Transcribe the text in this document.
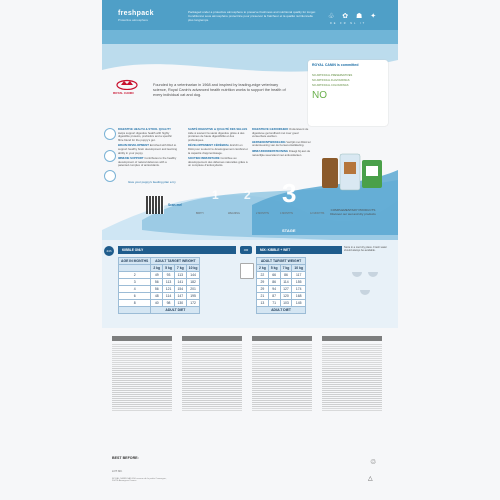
freshpack
Protective atmosphere
Packaged under a protective atmosphere to preserve freshness and nutritional quality for longer. Conditionné sous atmosphère protectrice pour préserver la fraîcheur et la qualité nutritionnelle plus longtemps.	♧ ✿ ☗ ✦
DE FR NL IT
ROYAL CANIN
Founded by a veterinarian in 1968 and inspired by leading-edge veterinary science, Royal Canin's advanced health nutrition works to support the health of every individual cat and dog.
ROYAL CANIN is committed
NO ARTIFICIAL PRESERVATIVES
NO ARTIFICIAL FLAVOURINGS
NO ARTIFICIAL COLOURINGS
NO
DIGESTIVE HEALTH & STOOL QUALITY Helps support digestive health with highly digestible proteins, prebiotics and a specific fibre blend for the puppy's gut.
BRAIN DEVELOPMENT Enriched with DHA to support healthy brain development and learning ability in your puppy.
IMMUNE SUPPORT Contributes to the healthy development of natural defences with a patented complex of antioxidants.
SANTÉ DIGESTIVE & QUALITÉ DES SELLES Aide à soutenir la santé digestive grâce à des protéines de haute digestibilité et des prébiotiques.
DÉVELOPPEMENT CÉRÉBRAL Enrichi en DHA pour soutenir le développement cérébral et la capacité d'apprentissage.
SOUTIEN IMMUNITAIRE Contribue au développement des défenses naturelles grâce à un complexe d'antioxydants.
DIGESTIEVE GEZONDHEID Ondersteunt de digestieve gezondheid met zeer goed verteerbare eiwitten.
HERSENONTWIKKELING Verrijkt met DHA ter ondersteuning van de hersenontwikkeling.
IMMUUNONDERSTEUNING Draagt bij aan de natuurlijke weerstand met antioxidanten.
COMPLEMENTARY PRODUCTS
Discover our wet and dry products
Give your puppy's feeding plan a try
Scan me!
1 2 3
STAGE
BIRTH	WEANING	2 MONTHS	4 MONTHS	12 MONTHS
24h	KIBBLE ONLY	OR	MIX: KIBBLE + WET
AGE IN MONTHS	ADULT TARGET WEIGHT			
	2 kg	5 kg	7 kg	10 kg
2	49	93	113	144
3	56	113	141	182
4	56	121	154	201
6	48	114	147	195
8	40	98	130	172
	ADULT DIET			
ADULT TARGET WEIGHT			
2 kg	5 kg	7 kg	10 kg
22	66	86	117
29	86	114	155
29	94	127	174
21	87	120	168
13	71	103	145
ADULT DIET			
Store in a cool dry place. Fresh water should always be available.
BEST BEFORE:
LOT NO.
ROYAL CANIN SAS 650 avenue de la petite Camargue, 30470 Aimargues France
♲
△
